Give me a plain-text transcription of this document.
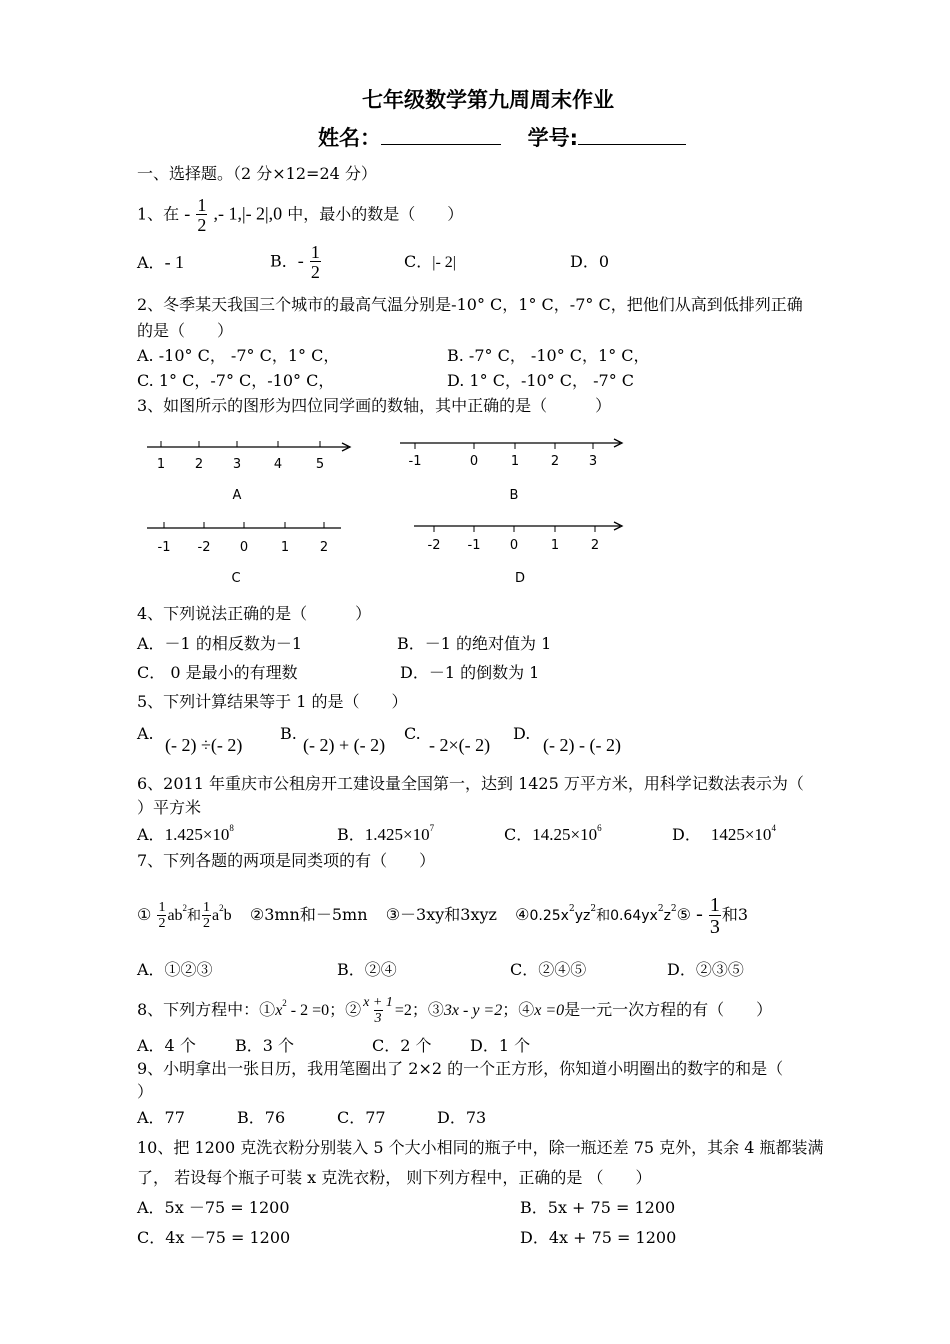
七年级数学第九周周末作业
姓名：	学号:
一、选择题。（2 分×12=24 分）
1、在 - $\frac{1}{2}$ ,- 1,|- 2|,0 中，最小的数是（　　）
A．- 1	B．- $\frac{1}{2}$	C．|- 2|	D．0
2、冬季某天我国三个城市的最高气温分别是-10° C，1° C，-7° C，把他们从高到低排列正确
的是（　　）
A. -10° C， -7° C，1° C，	B. -7° C， -10° C，1° C，
C. 1° C，-7° C，-10° C，	D. 1° C，-10° C， -7° C
3、如图所示的图形为四位同学画的数轴，其中正确的是（　　　）
1 2 3	4	5
A
-1	0	1 2 3
B
-1 -2 0	1 2
C
-2 -1 0	1 2
D
4、下列说法正确的是（　　　）
A．－1 的相反数为－1	B．－1 的绝对值为 1
C． 0 是最小的有理数	D．－1 的倒数为 1
5、下列计算结果等于 1 的是（　　）
A.
(- 2) ÷(- 2)
B.
(- 2) + (- 2)
C.
- 2×(- 2)
D.
(- 2) - (- 2)
6、2011 年重庆市公租房开工建设量全国第一，达到 1425 万平方米，用科学记数法表示为（
）平方米
A．$1.425\times 10^8$	B．$1.425\times 10^7$	C．$14.25\times 10^6$	D． $1425\times 10^4$
7、下列各题的两项是同类项的有（　　）
① $\frac{1}{2} ab^2$和 $\frac{1}{2} a^2b$ ②3mn和－5mn ③－3xy和3xyz $④0.25x^2yz^2$和$0.64yx^2z^2⑤ - \frac{1}{3}$ 和3
A．①②③	B．②④	C．②④⑤	D．②③⑤
8、下列方程中：$①x^2 - 2 =0$；② $\frac{x + 1}{3} =2$；③3x - y =2；④x =0是一元一次方程的有（　　）
A．4 个 B．3 个	C．2 个 D．1 个
9、小明拿出一张日历，我用笔圈出了 2×2 的一个正方形，你知道小明圈出的数字的和是（
）
A．77	B．76	C．77	D．73
10、把 1200 克洗衣粉分别装入 5 个大小相同的瓶子中，除一瓶还差 75 克外，其余 4 瓶都装满
了， 若设每个瓶子可装 x 克洗衣粉， 则下列方程中，正确的是 （　　）
A．5x －75 = 1200	B．5x + 75 = 1200
C．4x －75 = 1200	D．4x + 75 = 1200
